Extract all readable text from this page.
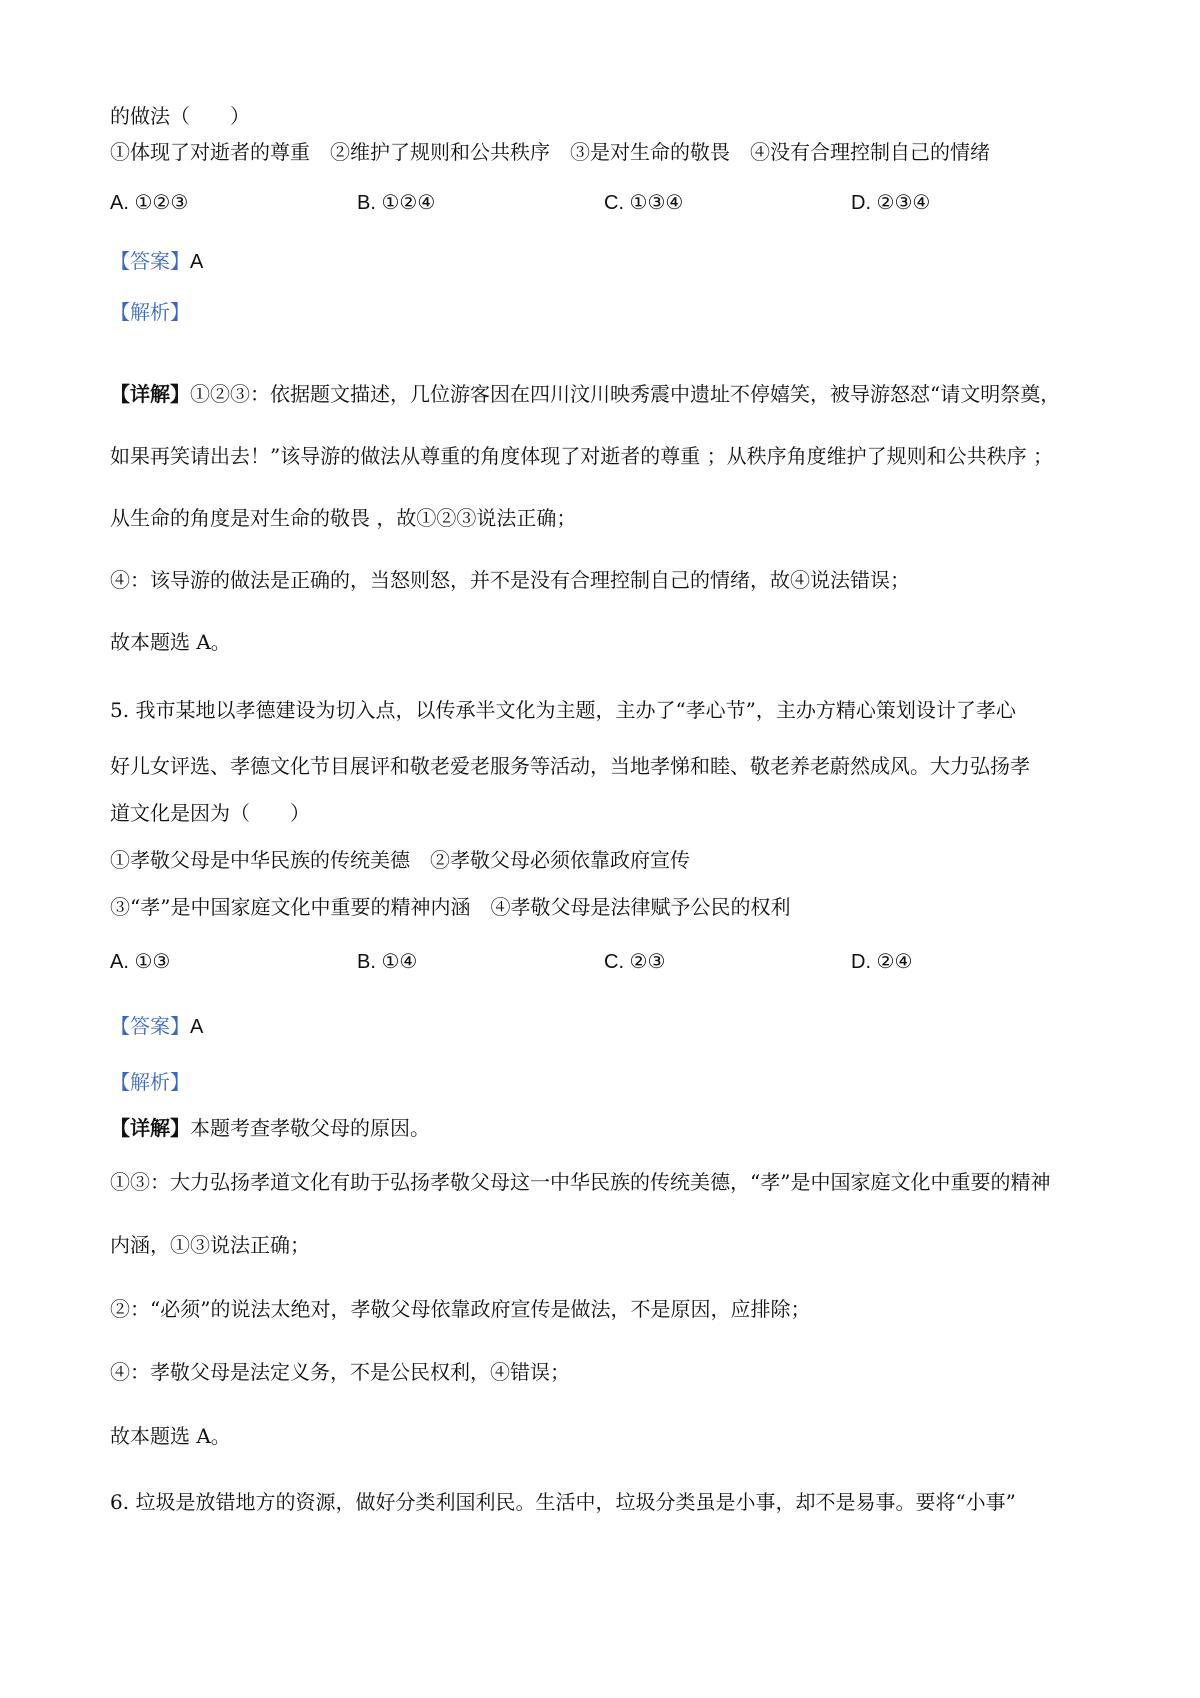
的做法（　　）
①体现了对逝者的尊重　②维护了规则和公共秩序　③是对生命的敬畏　④没有合理控制自己的情绪
A. ①②③	B. ①②④	C. ①③④	D. ②③④
【答案】A
【解析】
【详解】①②③：依据题文描述，几位游客因在四川汶川映秀震中遗址不停嬉笑，被导游怒怼“请文明祭奠，
如果再笑请出去！”该导游的做法从尊重的角度体现了对逝者的尊重 ；从秩序角度维护了规则和公共秩序 ；
从生命的角度是对生命的敬畏 ，故①②③说法正确；
④：该导游的做法是正确的，当怒则怒，并不是没有合理控制自己的情绪，故④说法错误；
故本题选 A。
5. 我市某地以孝德建设为切入点，以传承半文化为主题，主办了“孝心节”，主办方精心策划设计了孝心
好儿女评选、孝德文化节目展评和敬老爱老服务等活动，当地孝悌和睦、敬老养老蔚然成风。大力弘扬孝
道文化是因为（　　）
①孝敬父母是中华民族的传统美德　②孝敬父母必须依靠政府宣传
③“孝”是中国家庭文化中重要的精神内涵　④孝敬父母是法律赋予公民的权利
A. ①③	B. ①④	C. ②③	D. ②④
【答案】A
【解析】
【详解】本题考查孝敬父母的原因。
①③：大力弘扬孝道文化有助于弘扬孝敬父母这一中华民族的传统美德，“孝”是中国家庭文化中重要的精神
内涵，①③说法正确；
②：“必须”的说法太绝对，孝敬父母依靠政府宣传是做法，不是原因，应排除；
④：孝敬父母是法定义务，不是公民权利，④错误；
故本题选 A。
6. 垃圾是放错地方的资源，做好分类利国利民。生活中，垃圾分类虽是小事，却不是易事。要将“小事”
